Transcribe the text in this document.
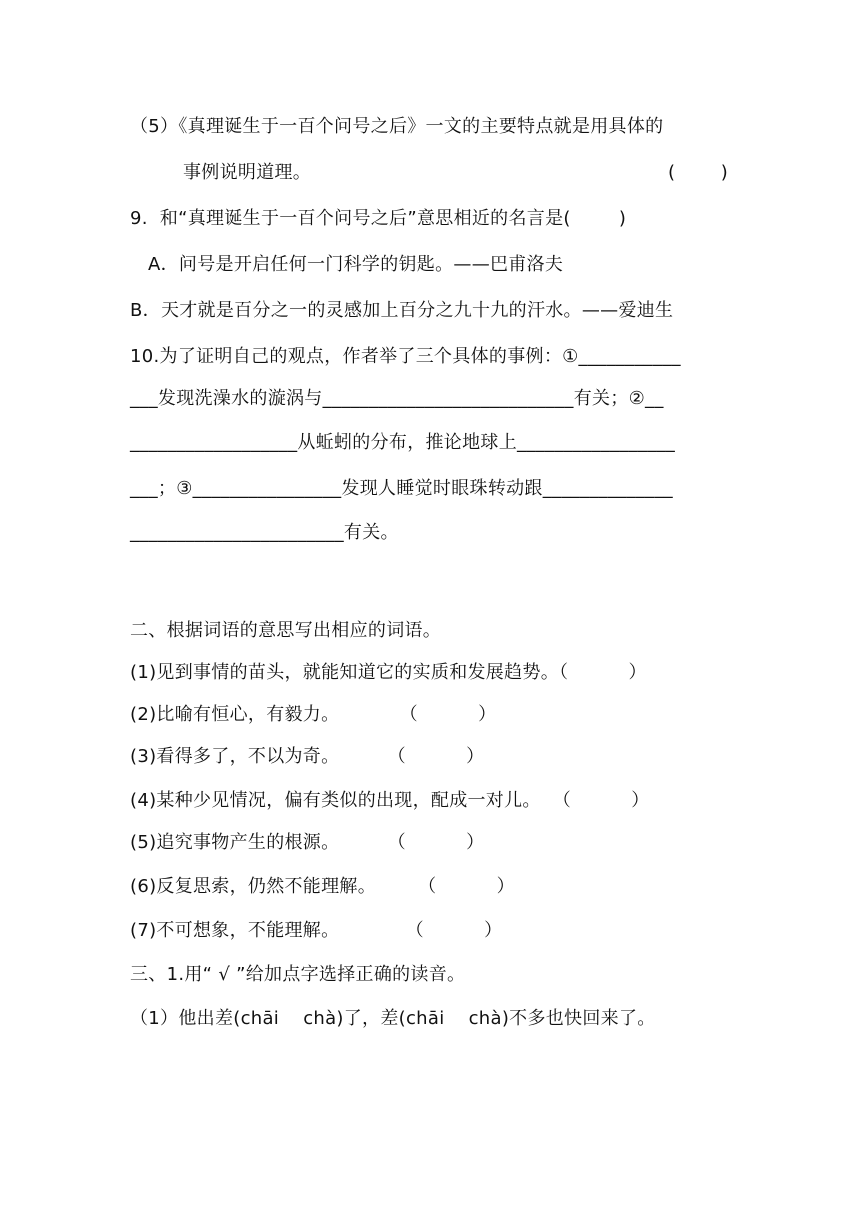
（5）《真理诞生于一百个问号之后》一文的主要特点就是用具体的
事例说明道理。	(        )
9.  和“真理诞生于一百个问号之后”意思相近的名言是(        )
A．问号是开启任何一门科学的钥匙。——巴甫洛夫
B．天才就是百分之一的灵感加上百分之九十九的汗水。——爱迪生
10.为了证明自己的观点，作者举了三个具体的事例：①___________
___发现洗澡水的漩涡与___________________________有关；②__
__________________从蚯蚓的分布，推论地球上_________________
___；③________________发现人睡觉时眼珠转动跟______________
_______________________有关。
二、根据词语的意思写出相应的词语。
(1)见到事情的苗头，就能知道它的实质和发展趋势。（          ）
(2)比喻有恒心，有毅力。          （          ）
(3)看得多了，不以为奇。        （          ）
(4)某种少见情况，偏有类似的出现，配成一对儿。  （          ）
(5)追究事物产生的根源。        （          ）
(6)反复思索，仍然不能理解。       （          ）
(7)不可想象，不能理解。           （          ）
三、1.用“ √ ”给加点字选择正确的读音。
（1）他出差(chāi    chà)了，差(chāi    chà)不多也快回来了。
